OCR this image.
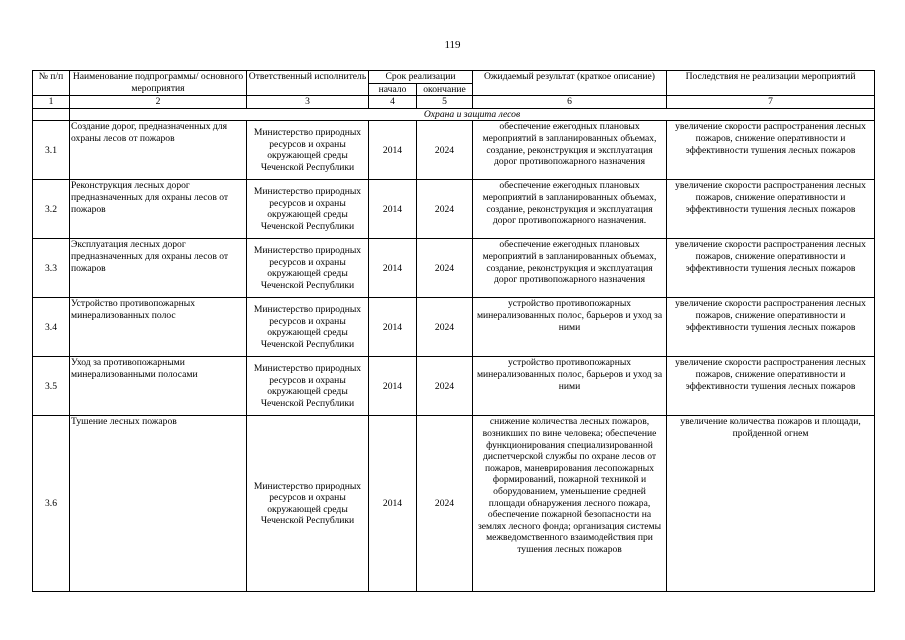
119
№ п/п	Наименование подпрограммы/ основного мероприятия	Ответственный исполнитель	Срок реализации		Ожидаемый результат (краткое описание)	Последствия не реализации мероприятий
			начало	окончание		
1	2	3	4	5	6	7
	Охрана и защита лесов					
3.1	Создание дорог, предназначенных для охраны лесов от пожаров	Министерство природных ресурсов и охраны окружающей среды Чеченской Республики	2014	2024	обеспечение ежегодных плановых мероприятий в запланированных объемах, создание, реконструкция и эксплуатация дорог противопожарного назначения	увеличение скорости распространения лесных пожаров, снижение оперативности и эффективности тушения лесных пожаров
3.2	Реконструкция лесных дорог предназначенных для охраны лесов от пожаров	Министерство природных ресурсов и охраны окружающей среды Чеченской Республики	2014	2024	обеспечение ежегодных плановых мероприятий в запланированных объемах, создание, реконструкция и эксплуатация дорог противопожарного назначения.	увеличение скорости распространения лесных пожаров, снижение оперативности и эффективности тушения лесных пожаров
3.3	Эксплуатация лесных дорог предназначенных для охраны лесов от пожаров	Министерство природных ресурсов и охраны окружающей среды Чеченской Республики	2014	2024	обеспечение ежегодных плановых мероприятий в запланированных объемах, создание, реконструкция и эксплуатация дорог противопожарного назначения	увеличение скорости распространения лесных пожаров, снижение оперативности и эффективности тушения лесных пожаров
3.4	Устройство противопожарных минерализованных полос	Министерство природных ресурсов и охраны окружающей среды Чеченской Республики	2014	2024	устройство противопожарных минерализованных полос, барьеров и уход за ними	увеличение скорости распространения лесных пожаров, снижение оперативности и эффективности тушения лесных пожаров
3.5	Уход за противопожарными минерализованными полосами	Министерство природных ресурсов и охраны окружающей среды Чеченской Республики	2014	2024	устройство противопожарных минерализованных полос, барьеров и уход за ними	увеличение скорости распространения лесных пожаров, снижение оперативности и эффективности тушения лесных пожаров
3.6	Тушение лесных пожаров	Министерство природных ресурсов и охраны окружающей среды Чеченской Республики	2014	2024	снижение количества лесных пожаров, возникших по вине человека; обеспечение функционирования специализированной диспетчерской службы по охране лесов от пожаров, маневрирования лесопожарных формирований, пожарной техникой и оборудованием, уменьшение средней площади обнаружения лесного пожара, обеспечение пожарной безопасности на землях лесного фонда; организация системы межведомственного взаимодействия при тушения лесных пожаров	увеличение количества пожаров и площади, пройденной огнем
